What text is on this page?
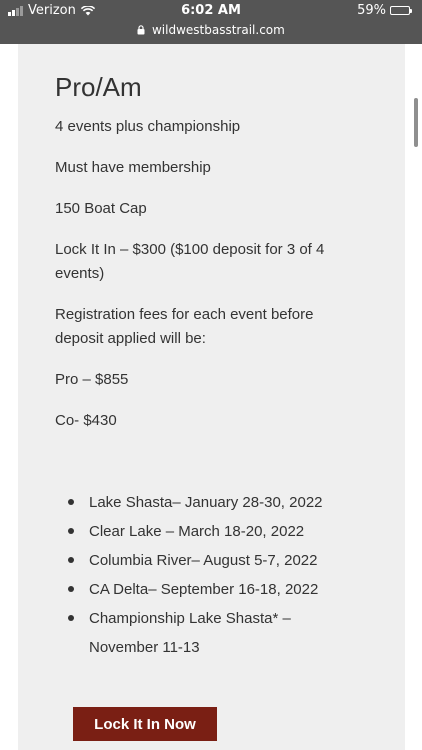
Verizon	6:02 AM
wildwestbasstrail.com
59%
Pro/Am

4 events plus championship

Must have membership

150 Boat Cap

Lock It In – $300 ($100 deposit for 3 of 4 events)

Registration fees for each event before deposit applied will be:

Pro – $855

Co- $430

Lake Shasta– January 28-30, 2022
Clear Lake – March 18-20, 2022
Columbia River– August 5-7, 2022
CA Delta– September 16-18, 2022
Championship Lake Shasta* – November 11-13
Lock It In Now
